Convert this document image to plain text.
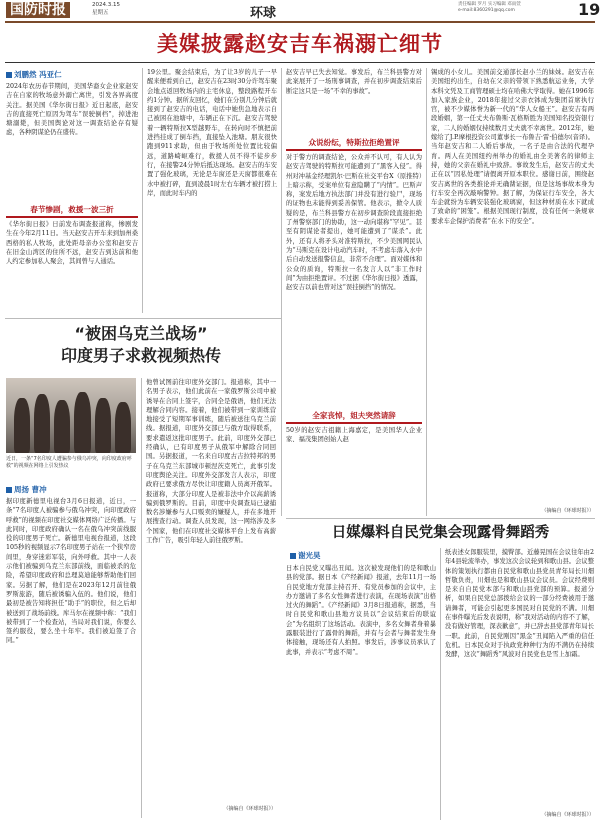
国防时报	2024.3.15
星期五	环球
责任编辑 罗月 实习编辑 邓雨萱
e-mail:8360291@qq.com	19
美媒披露赵安吉车祸溺亡细节
刘鹏然 冯亚仁
2024年农历春节期间，美国华裔女企业家赵安吉在自家的牧场意外溺亡离世，引发各界高度关注。据美国《华尔街日报》近日起底，赵安吉的直接死亡原因为驾车“误驶倒档”，掉进池塘溺毙，但美国舆论对这一调查结论存有疑虑，各种阴谋论仍在盛传。
春节惨剧，救援一波三折
《华尔街日报》日前发布调查报道称，惨剧发生在今年2月11日。当天赵安吉开车来到加州桑西格的私人牧场，此处距母亲办公室和赵安吉在旧金山湾区的住所不远，赵安吉到达前和他人约定参加私人聚会，其间曾与人通话。
19公里。聚会结束后，为了让3岁的儿子一早醒来便看到自己，赵安吉在23时30分许驾车聚会地点返回牧场内的主宅休息，整段路程开车约1分钟。据所友回忆，她们在分别几分钟后就接到了赵安吉的电话，电话中她焦急地表示自己被困在池塘中，车辆正在下沉。赵安吉驾驶着一辆特斯拉X型越野车，在转向时不慎把前进挡挂成了倒车挡，直接坠入池塘。朋友很快跑到911求助，但由于牧场所处位置比较偏远，道路崎岖难行，救援人员不得不徒步步行，在接警24分钟后抵达现场。赵安吉的车安置了强化玻璃，无论是车窗还是天窗都很难在水中被打碎，直到凌晨1时左右车辆才被打捞上岸，而此时车内的
赵安吉早已失去知觉。事发后，布兰科县警方对此案展开了一场刑事调查，并在初步调查结束后断定这只是一场“不幸的事故”。
众说纷纭，特斯拉拒绝置评
对于警方的调查结论，公众并不认可，有人认为赵安吉驾驶的特斯拉可能遭到了“黑客入侵”。得州对冲基金经理凯尔·巴斯在社交平台X（原推特）上暗示称，受案单位有意隐瞒了“内情”。巴斯声称，案发后地方执法部门并没有进行验尸，现场的证物也未能得到妥善保管。他表示，掀令人质疑的是，布兰科县警方在初步调查阶段直接拒绝了州警察部门的协助，这一动向堪称“罕见”。甚至有阴谋论者提出，她可能遭到了“谋杀”。此外，还有人将矛头对准特斯拉，不少美国网民认为“马斯克在设计电动汽车时，不考虑车落入水中后自动发送报警信息，非常不合理”。面对媒体和公众的质询，特斯拉一名发言人以“非工作时间”为由拒绝置评。不过据《华尔街日报》透露，赵安吉以前也曾对这“误挂倒挡”的情况。
全家丧悼，姐夫突然请辞
50岁的赵安吉祖籍上海嘉定，是美国华人企业家、福茂集团创始人赵
锡成的小女儿。美国前交通部长赵小兰的妹妹。赵安吉在美国纽约出生，自幼在父亲的带领下熟悉航运业务，大学本科文凭及工商管理硕士均在哈佛大学取得。她在1996年加入家族企业，2018年接过父亲衣钵成为集团首席执行官，被不少媒体誉为新一代的“华人女船王”。赵安吉有两段婚姻，第一任丈夫布鲁斯·瓦格斯胜为美国知名投资银行家，二人的婚姻仅持续数月丈夫就不幸离世。2012年，她嫁给了J.P.摩根投资公司董事长一布鲁吉·雷·伯德尔(音译)。当年赵安吉和二人婚后事故，一名子是由合法的代理孕育。两人在美国纽约州举办的婚礼由全美著名的律师主持，她的父亲在婚礼中致辞。事故发生后，赵安吉的丈夫正在以“因私处理”请假离开原本职位。感谢日前，围绕赵安吉离世的各类推论并无确凿证据，但是这场事故本身为行车安全再次敲响警钟。据了解，为保证行车安全，各大车企就纷为车辆安装强化玻璃窗，但这种材质在水下就成了致命的“困笼”。根据美国现行制度，没有任何一条规章要求车企保护消费者“在水下的安全”。
（摘编自《环球时报》）
“被困乌克兰战场”
印度男子求救视频热传
近日，一条“7名印度人遭骗参与俄乌冲突，向印度政府呼救”的视频在网络上引发热议
周扬 曹冲
据印度新德里电视台3月6日报道，近日，一条“7名印度人被骗参与俄乌冲突，向印度政府呼救”的视频在印度社交媒体网络广泛传播。与此同时，印度政府确认一名在俄乌冲突前线服役的印度男子死亡。新德里电视台报道，这段105秒的视频显示7名印度男子站在一个狭窄房间里，身穿迷彩军装，向外呼救。其中一人表示他们被骗到乌克兰东部前线，面临被杀的危险，希望印度政府和总理莫迪能够帮助他们回家。另据了解，他们是在2023年12月前往俄罗斯旅游，随后被诱骗入伍的。他们说，他们最初是被告知将担任“助手”的职位，但之后却被送到了战场前线。库马尔在视频中称：“我们被带到了一个检查站，当局对我们说，你要么签约服役，要么坐十年牢。我们被迫签了合同。”
他曾试图前往印度外交部门。报道称，其中一名男子表示，他们此前在一家俄罗斯公司中被诱导在合同上签字，合同全是俄语，他们无法理解合同内容。接着，他们被带到一家训练营地接受了短期军事训练，随后被送往乌克兰前线。据报道，印度外交部已与俄方取得联系，要求遣返这批印度男子。此前，印度外交部已经确认，已有印度男子从俄军中解除合同回国。另据报道，一名来自印度古吉拉特邦的男子在乌克兰东部城市顿涅茨克死亡，此事引发印度舆论关注。印度外交部发言人表示，印度政府已要求俄方尽快让印度籍人员离开俄军。报道称，大部分印度人是被非法中介以高薪诱骗到俄罗斯的。目前，印度中央调查局已逮捕数名涉嫌参与人口贩卖的嫌疑人，并在多地开展搜查行动。调查人员发现，这一网络涉及多个国家，他们在印度社交媒体平台上发布高薪工作广告，吸引年轻人前往俄罗斯。
（摘编自《环球时报》）
日媒爆料自民党集会现露骨舞蹈秀
谢光昊
日本自民党又曝出丑闻。这次被发现他们的是和歌山县的党部。据日本《产经新闻》报道，去年11月一场自民党地方党部主持召开、有党员参加的会议中，主办方邀请了多名女性舞者进行表演，在现场表演“出格过火的舞蹈”。《产经新闻》3月8日报道称，据悉，当时自民党和歌山县地方议员以“会议结束后的联谊会”为名组织了这场活动。表演中，多名女舞者身着暴露服装进行了露骨的舞蹈，并有与会者与舞者发生身体接触，现场还有人拍照。事发后，涉事议员承认了此事，并表示“考虑不周”。
纸表述女郎服装里，摸臀部。近藤晃国在会议往年由2年4县轮流举办，事发这次会议轮到和歌山县。会议整体的策划执行都由自民党和歌山县党员青年局长川畑哲敬负责，川畑也是和歌山县议会议员。会议经费则是来自自民党本部与和歌山县党部的预算。报道分析，如果自民党总部拨给会议的一部分经费被用于邀请舞者，可能会引起更多国民对自民党的不满。川畑在事件曝光后发表说明，称“我对活动的内容不了解，没有做好管理，深表歉意”，并已辞去县党部青年局长一职。此前，自民党刚因“黑金”丑闻陷入严重的信任危机。日本民众对于执政党种种行为的不满仍在持续发酵，这次“舞蹈秀”风波对自民党也是雪上加霜。
（摘编自《环球时报》）
